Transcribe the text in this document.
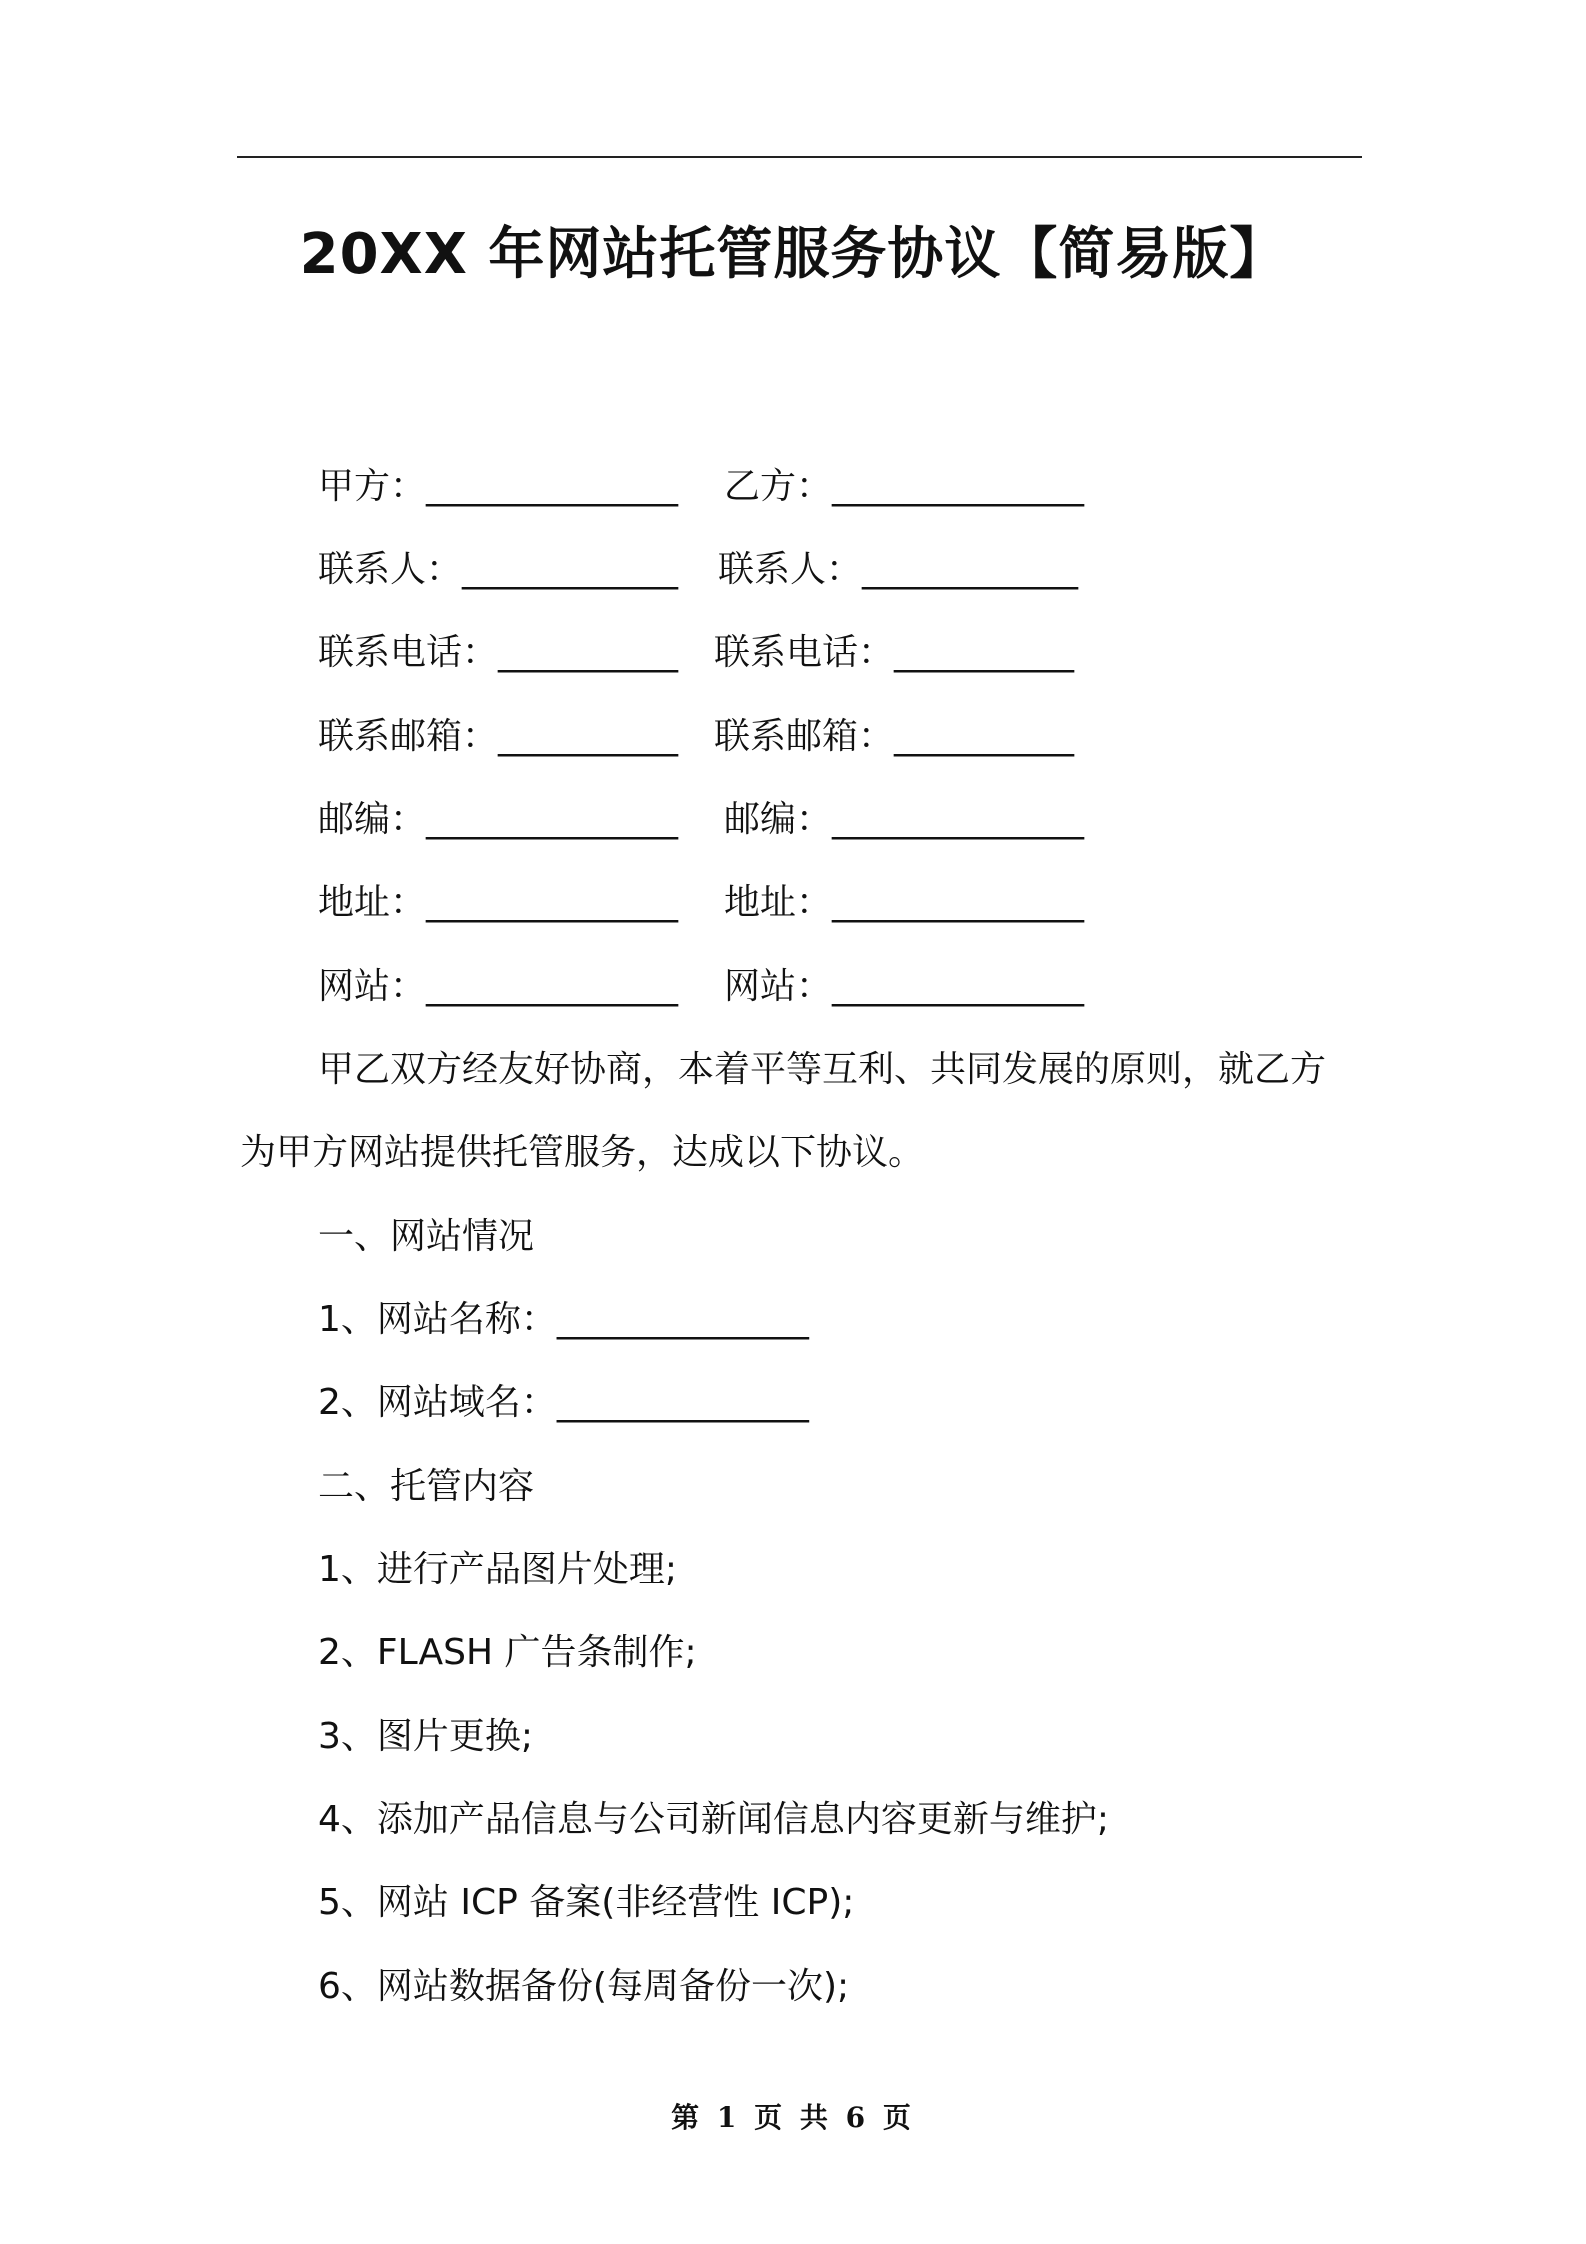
20XX 年网站托管服务协议【简易版】
甲方：______________ 乙方：______________
联系人：____________ 联系人：____________
联系电话：__________ 联系电话：__________
联系邮箱：__________ 联系邮箱：__________
邮编：______________ 邮编：______________
地址：______________ 地址：______________
网站：______________ 网站：______________
甲乙双方经友好协商，本着平等互利、共同发展的原则，就乙方
为甲方网站提供托管服务，达成以下协议。
一、网站情况
1、网站名称：______________
2、网站域名：______________
二、托管内容
1、进行产品图片处理;
2、FLASH 广告条制作;
3、图片更换;
4、添加产品信息与公司新闻信息内容更新与维护;
5、网站 ICP 备案(非经营性 ICP);
6、网站数据备份(每周备份一次);
第 1 页 共 6 页
